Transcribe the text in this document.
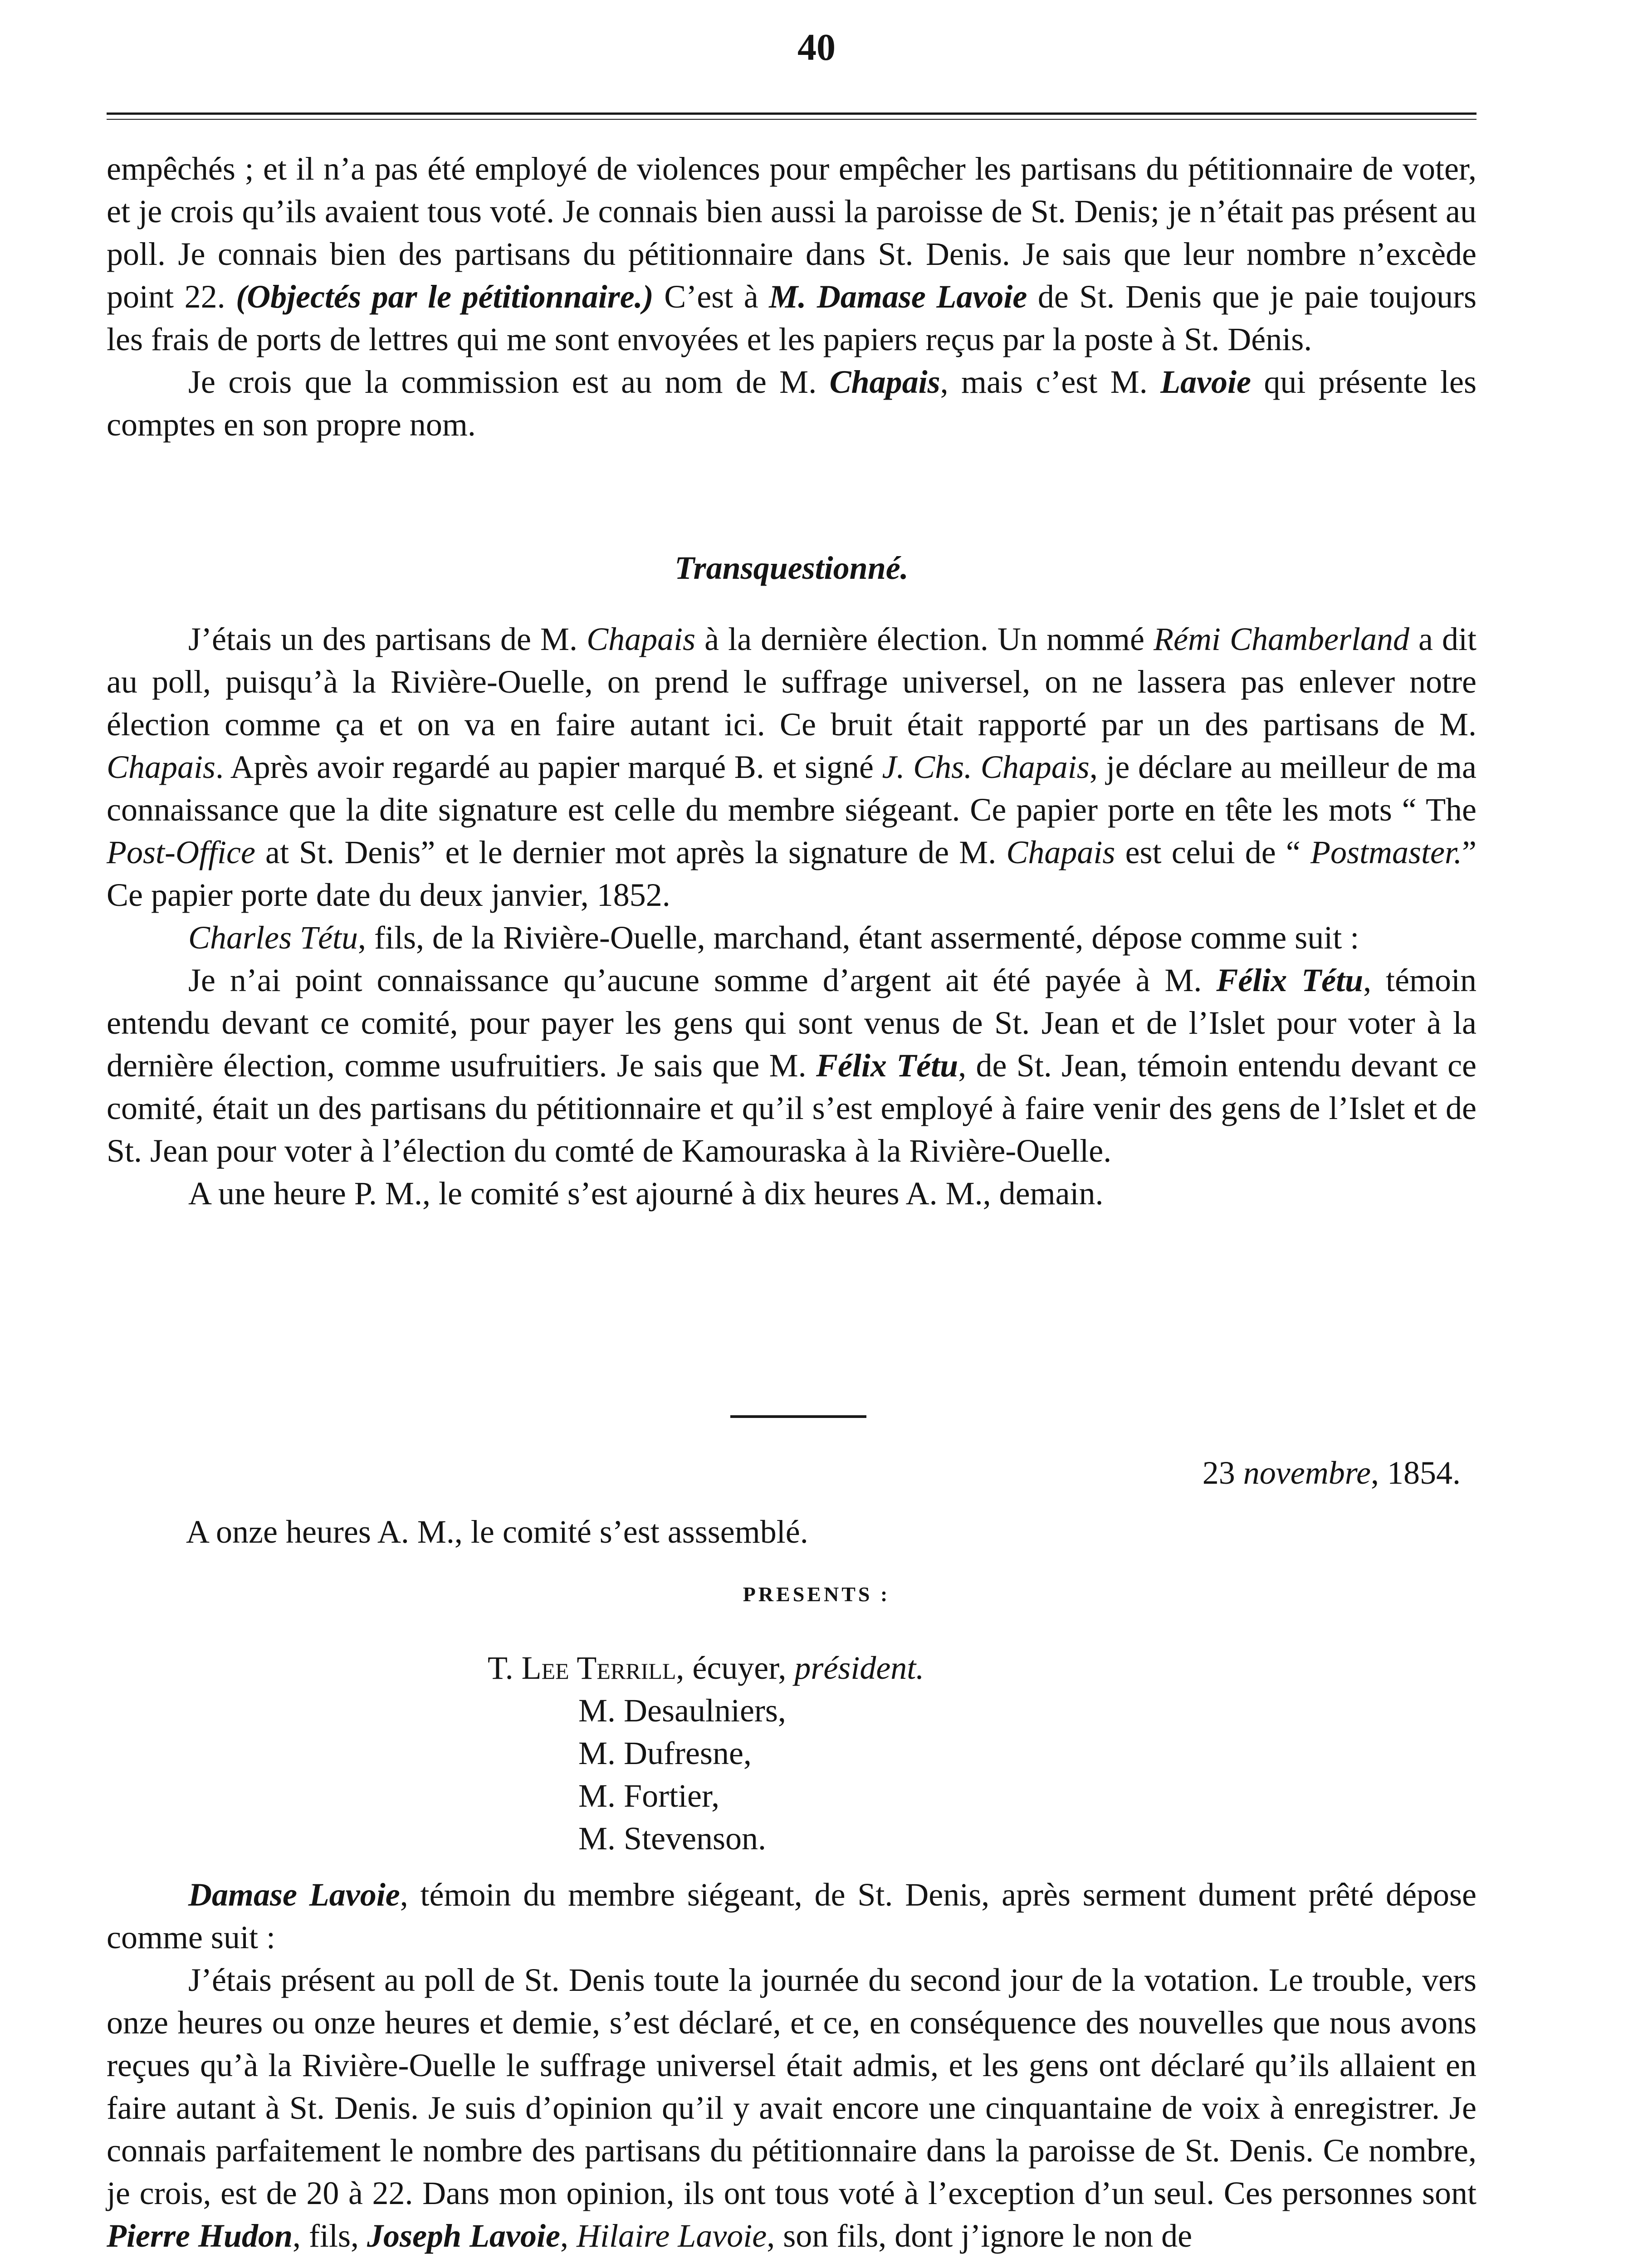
40

empêchés ; et il n’a pas été employé de violences pour empêcher les partisans du pétitionnaire de voter, et je crois qu’ils avaient tous voté. Je connais bien aussi la paroisse de St. Denis; je n’était pas présent au poll. Je connais bien des partisans du pétitionnaire dans St. Denis. Je sais que leur nombre n’excède point 22. (Objectés par le pétitionnaire.) C’est à M. Damase Lavoie de St. Denis que je paie toujours les frais de ports de lettres qui me sont envoyées et les papiers reçus par la poste à St. Dénis.

Je crois que la commission est au nom de M. Chapais, mais c’est M. Lavoie qui présente les comptes en son propre nom.

Transquestionné.

J’étais un des partisans de M. Chapais à la dernière élection. Un nommé Rémi Chamberland a dit au poll, puisqu’à la Rivière-Ouelle, on prend le suffrage universel, on ne lassera pas enlever notre élection comme ça et on va en faire autant ici. Ce bruit était rapporté par un des partisans de M. Chapais. Après avoir regardé au papier marqué B. et signé J. Chs. Chapais, je déclare au meilleur de ma connaissance que la dite signature est celle du membre siégeant. Ce papier porte en tête les mots “ The Post-Office at St. Denis” et le dernier mot après la signature de M. Chapais est celui de “ Postmaster.” Ce papier porte date du deux janvier, 1852.

Charles Tétu, fils, de la Rivière-Ouelle, marchand, étant assermenté, dépose comme suit :

Je n’ai point connaissance qu’aucune somme d’argent ait été payée à M. Félix Tétu, témoin entendu devant ce comité, pour payer les gens qui sont venus de St. Jean et de l’Islet pour voter à la dernière élection, comme usufruitiers. Je sais que M. Félix Tétu, de St. Jean, témoin entendu devant ce comité, était un des partisans du pétitionnaire et qu’il s’est employé à faire venir des gens de l’Islet et de St. Jean pour voter à l’élection du comté de Kamouraska à la Rivière-Ouelle.

A une heure P. M., le comité s’est ajourné à dix heures A. M., demain.

23 novembre, 1854.
A onze heures A. M., le comité s’est asssemblé.
PRESENTS :
T. Lee Terrill, écuyer, président.
M. Desaulniers,
M. Dufresne,
M. Fortier,
M. Stevenson.

Damase Lavoie, témoin du membre siégeant, de St. Denis, après serment dument prêté dépose comme suit :

J’étais présent au poll de St. Denis toute la journée du second jour de la votation. Le trouble, vers onze heures ou onze heures et demie, s’est déclaré, et ce, en conséquence des nouvelles que nous avons reçues qu’à la Rivière-Ouelle le suffrage universel était admis, et les gens ont déclaré qu’ils allaient en faire autant à St. Denis. Je suis d’opinion qu’il y avait encore une cinquantaine de voix à enregistrer. Je connais parfaitement le nombre des partisans du pétitionnaire dans la paroisse de St. Denis. Ce nombre, je crois, est de 20 à 22. Dans mon opinion, ils ont tous voté à l’exception d’un seul. Ces personnes sont Pierre Hudon, fils, Joseph Lavoie, Hilaire Lavoie, son fils, dont j’ignore le non de
